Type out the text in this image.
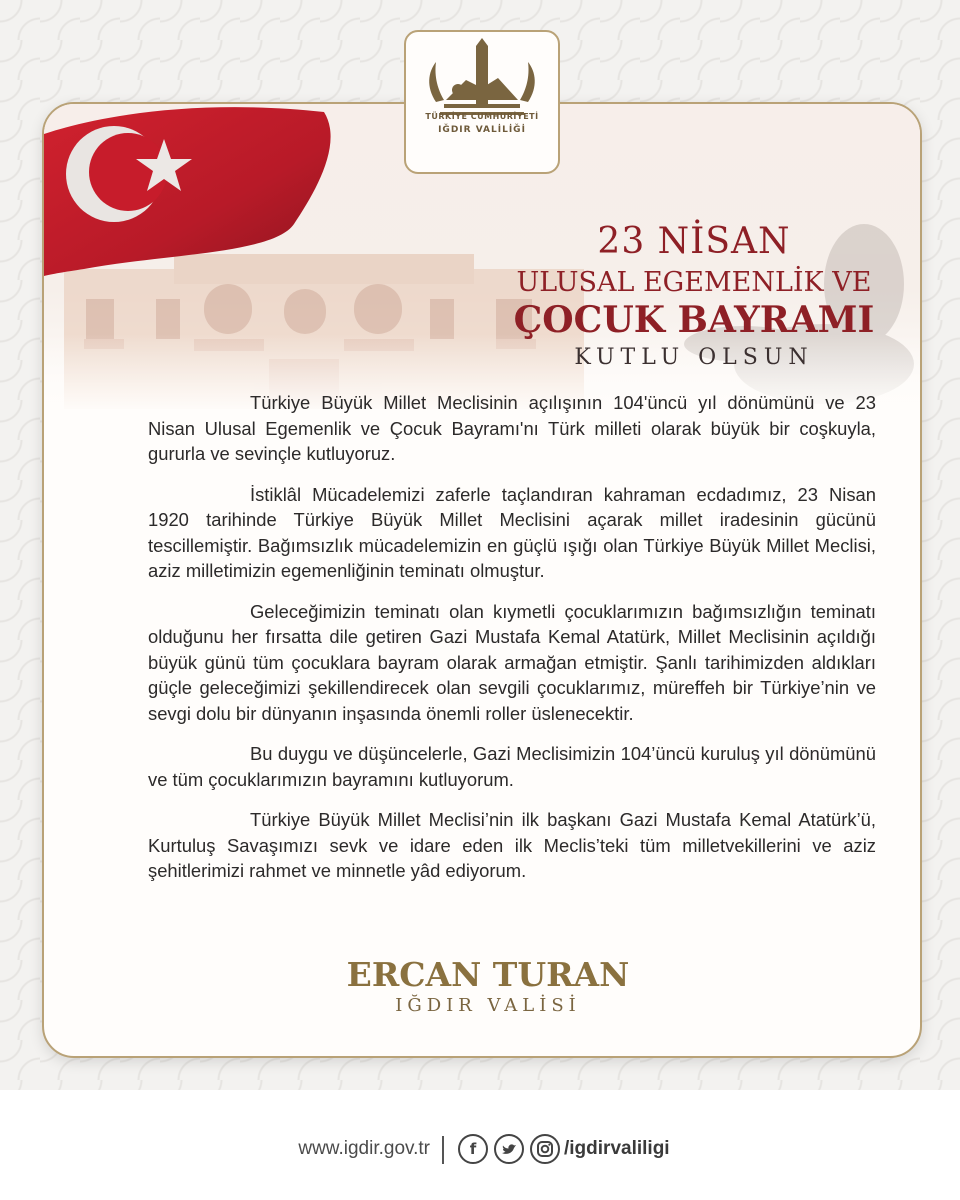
23 NİSAN
ULUSAL EGEMENLİK VE
ÇOCUK BAYRAMI
KUTLU OLSUN

Türkiye Büyük Millet Meclisinin açılışının 104'üncü yıl dönümünü ve 23 Nisan Ulusal Egemenlik ve Çocuk Bayramı'nı Türk milleti olarak büyük bir coşkuyla, gururla ve sevinçle kutluyoruz.

İstiklâl Mücadelemizi zaferle taçlandıran kahraman ecdadımız, 23 Nisan 1920 tarihinde Türkiye Büyük Millet Meclisini açarak millet iradesinin gücünü tescillemiştir. Bağımsızlık mücadelemizin en güçlü ışığı olan Türkiye Büyük Millet Meclisi, aziz milletimizin egemenliğinin teminatı olmuştur.

Geleceğimizin teminatı olan kıymetli çocuklarımızın bağımsızlığın teminatı olduğunu her fırsatta dile getiren Gazi Mustafa Kemal Atatürk, Millet Meclisinin açıldığı büyük günü tüm çocuklara bayram olarak armağan etmiştir. Şanlı tarihimizden aldıkları güçle geleceğimizi şekillendirecek olan sevgili çocuklarımız, müreffeh bir Türkiye’nin ve sevgi dolu bir dünyanın inşasında önemli roller üslenecektir.

Bu duygu ve düşüncelerle, Gazi Meclisimizin 104’üncü kuruluş yıl dönümünü ve tüm çocuklarımızın bayramını kutluyorum.

Türkiye Büyük Millet Meclisi’nin ilk başkanı Gazi Mustafa Kemal Atatürk’ü, Kurtuluş Savaşımızı sevk ve idare eden ilk Meclis’teki tüm milletvekillerini ve aziz şehitlerimizi rahmet ve minnetle yâd ediyorum.

ERCAN TURAN
IĞDIR VALİSİ
TÜRKİYE CUMHURİYETİ
IĞDIR VALİLİĞİ
www.igdir.gov.tr	f	/igdirvaliligi
